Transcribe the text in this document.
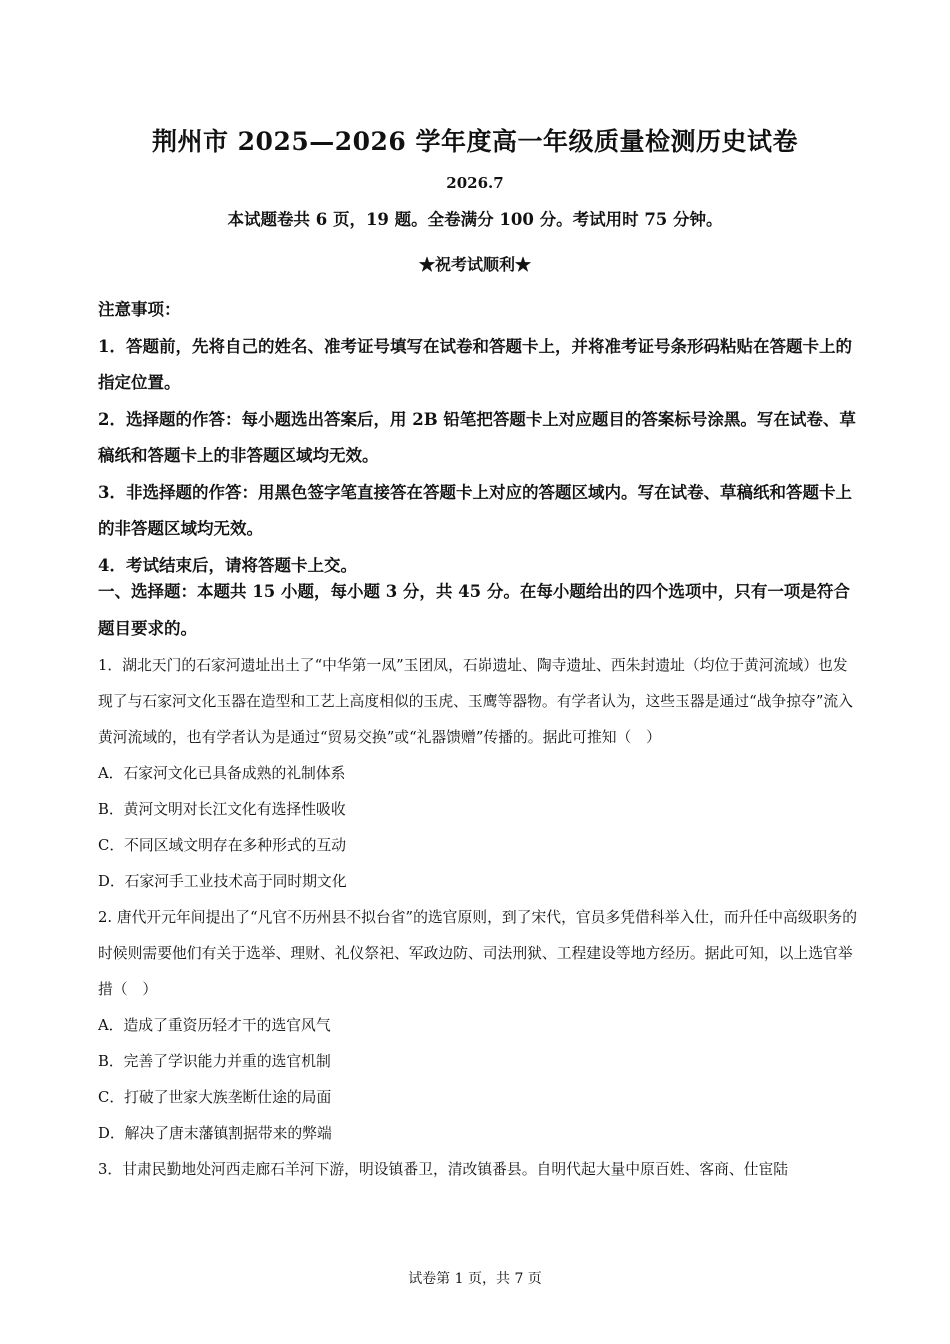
荆州市 2025—2026 学年度高一年级质量检测历史试卷
2026.7
本试题卷共 6 页，19 题。全卷满分 100 分。考试用时 75 分钟。
★祝考试顺利★

注意事项：

1．答题前，先将自己的姓名、准考证号填写在试卷和答题卡上，并将准考证号条形码粘贴在答题卡上的指定位置。

2．选择题的作答：每小题选出答案后，用 2B 铅笔把答题卡上对应题目的答案标号涂黑。写在试卷、草稿纸和答题卡上的非答题区域均无效。

3．非选择题的作答：用黑色签字笔直接答在答题卡上对应的答题区域内。写在试卷、草稿纸和答题卡上的非答题区域均无效。

4．考试结束后，请将答题卡上交。

一、选择题：本题共 15 小题，每小题 3 分，共 45 分。在每小题给出的四个选项中，只有一项是符合题目要求的。

1．湖北天门的石家河遗址出土了“中华第一凤”玉团凤，石峁遗址、陶寺遗址、西朱封遗址（均位于黄河流域）也发现了与石家河文化玉器在造型和工艺上高度相似的玉虎、玉鹰等器物。有学者认为，这些玉器是通过“战争掠夺”流入黄河流域的，也有学者认为是通过“贸易交换”或“礼器馈赠”传播的。据此可推知（　）

A．石家河文化已具备成熟的礼制体系

B．黄河文明对长江文化有选择性吸收

C．不同区域文明存在多种形式的互动

D．石家河手工业技术高于同时期文化

2. 唐代开元年间提出了“凡官不历州县不拟台省”的选官原则，到了宋代，官员多凭借科举入仕，而升任中高级职务的时候则需要他们有关于选举、理财、礼仪祭祀、军政边防、司法刑狱、工程建设等地方经历。据此可知，以上选官举措（　）

A．造成了重资历轻才干的选官风气

B．完善了学识能力并重的选官机制

C．打破了世家大族垄断仕途的局面

D．解决了唐末藩镇割据带来的弊端

3．甘肃民勤地处河西走廊石羊河下游，明设镇番卫，清改镇番县。自明代起大量中原百姓、客商、仕宦陆

试卷第 1 页，共 7 页
